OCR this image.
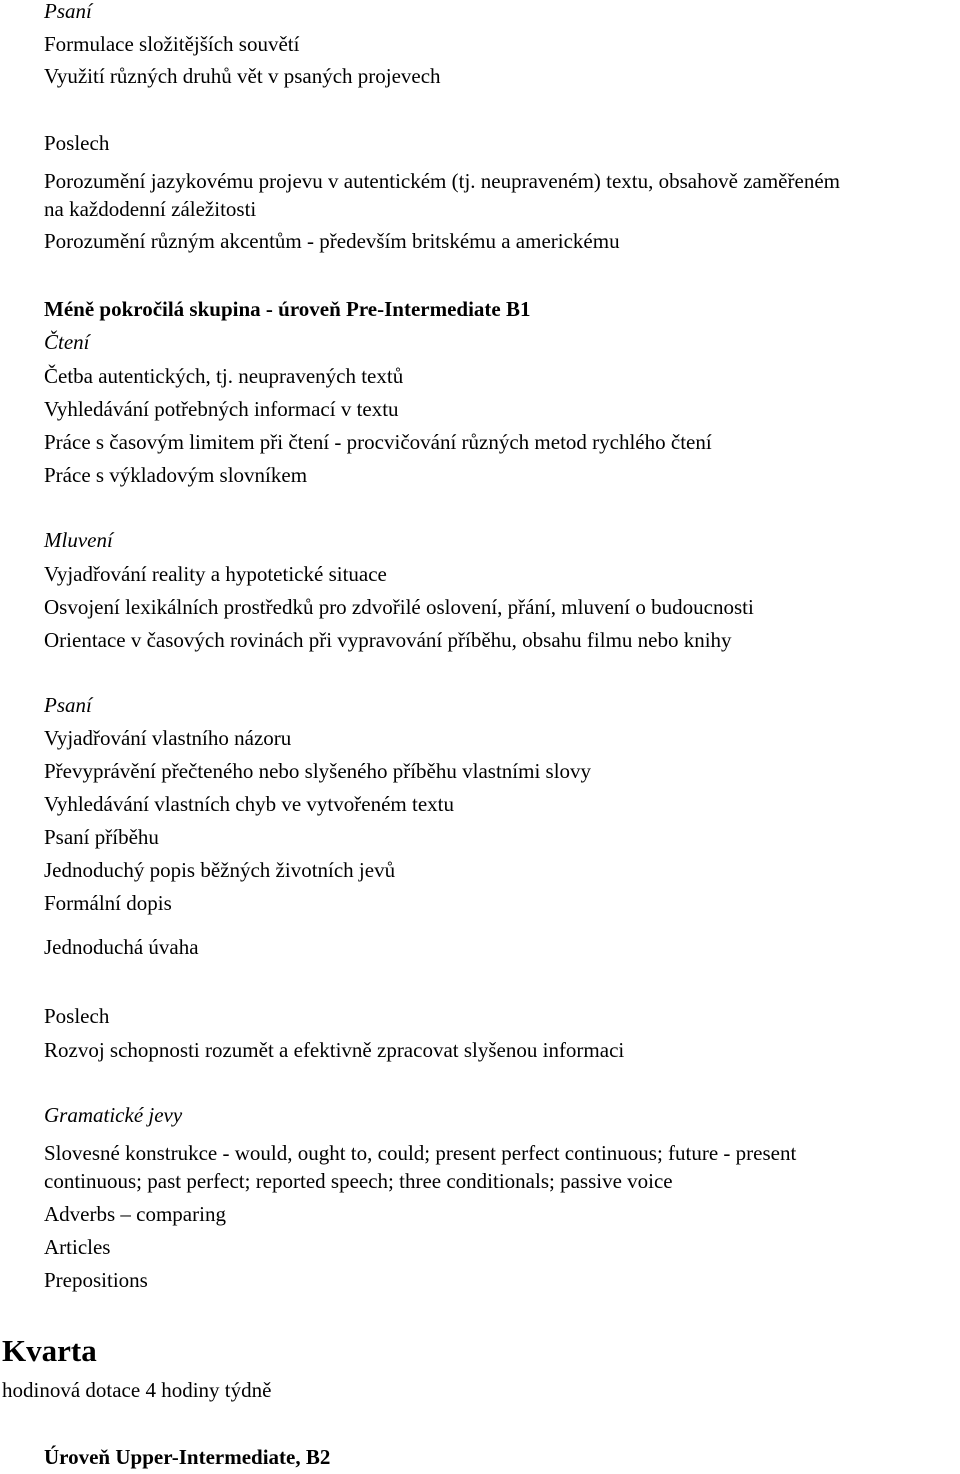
Psaní
Formulace složitějších souvětí
Využití různých druhů vět v psaných projevech
Poslech
Porozumění jazykovému projevu v autentickém (tj. neupraveném) textu, obsahově zaměřeném
na každodenní záležitosti
Porozumění různým akcentům - především britskému a americkému
Méně pokročilá skupina - úroveň Pre-Intermediate B1
Čtení
Četba autentických, tj. neupravených textů
Vyhledávání potřebných informací v textu
Práce s časovým limitem při čtení - procvičování různých metod rychlého čtení
Práce s výkladovým slovníkem
Mluvení
Vyjadřování reality a hypotetické situace
Osvojení lexikálních prostředků pro zdvořilé oslovení, přání, mluvení o budoucnosti
Orientace v časových rovinách při vypravování příběhu, obsahu filmu nebo knihy
Psaní
Vyjadřování vlastního názoru
Převyprávění přečteného nebo slyšeného příběhu vlastními slovy
Vyhledávání vlastních chyb ve vytvořeném textu
Psaní příběhu
Jednoduchý popis běžných životních jevů
Formální dopis
Jednoduchá úvaha
Poslech
Rozvoj schopnosti rozumět a efektivně zpracovat slyšenou informaci
Gramatické jevy
Slovesné konstrukce - would, ought to, could; present perfect continuous; future - present
continuous; past perfect; reported speech; three conditionals; passive voice
Adverbs – comparing
Articles
Prepositions
Kvarta
hodinová dotace 4 hodiny týdně
Úroveň Upper-Intermediate, B2
